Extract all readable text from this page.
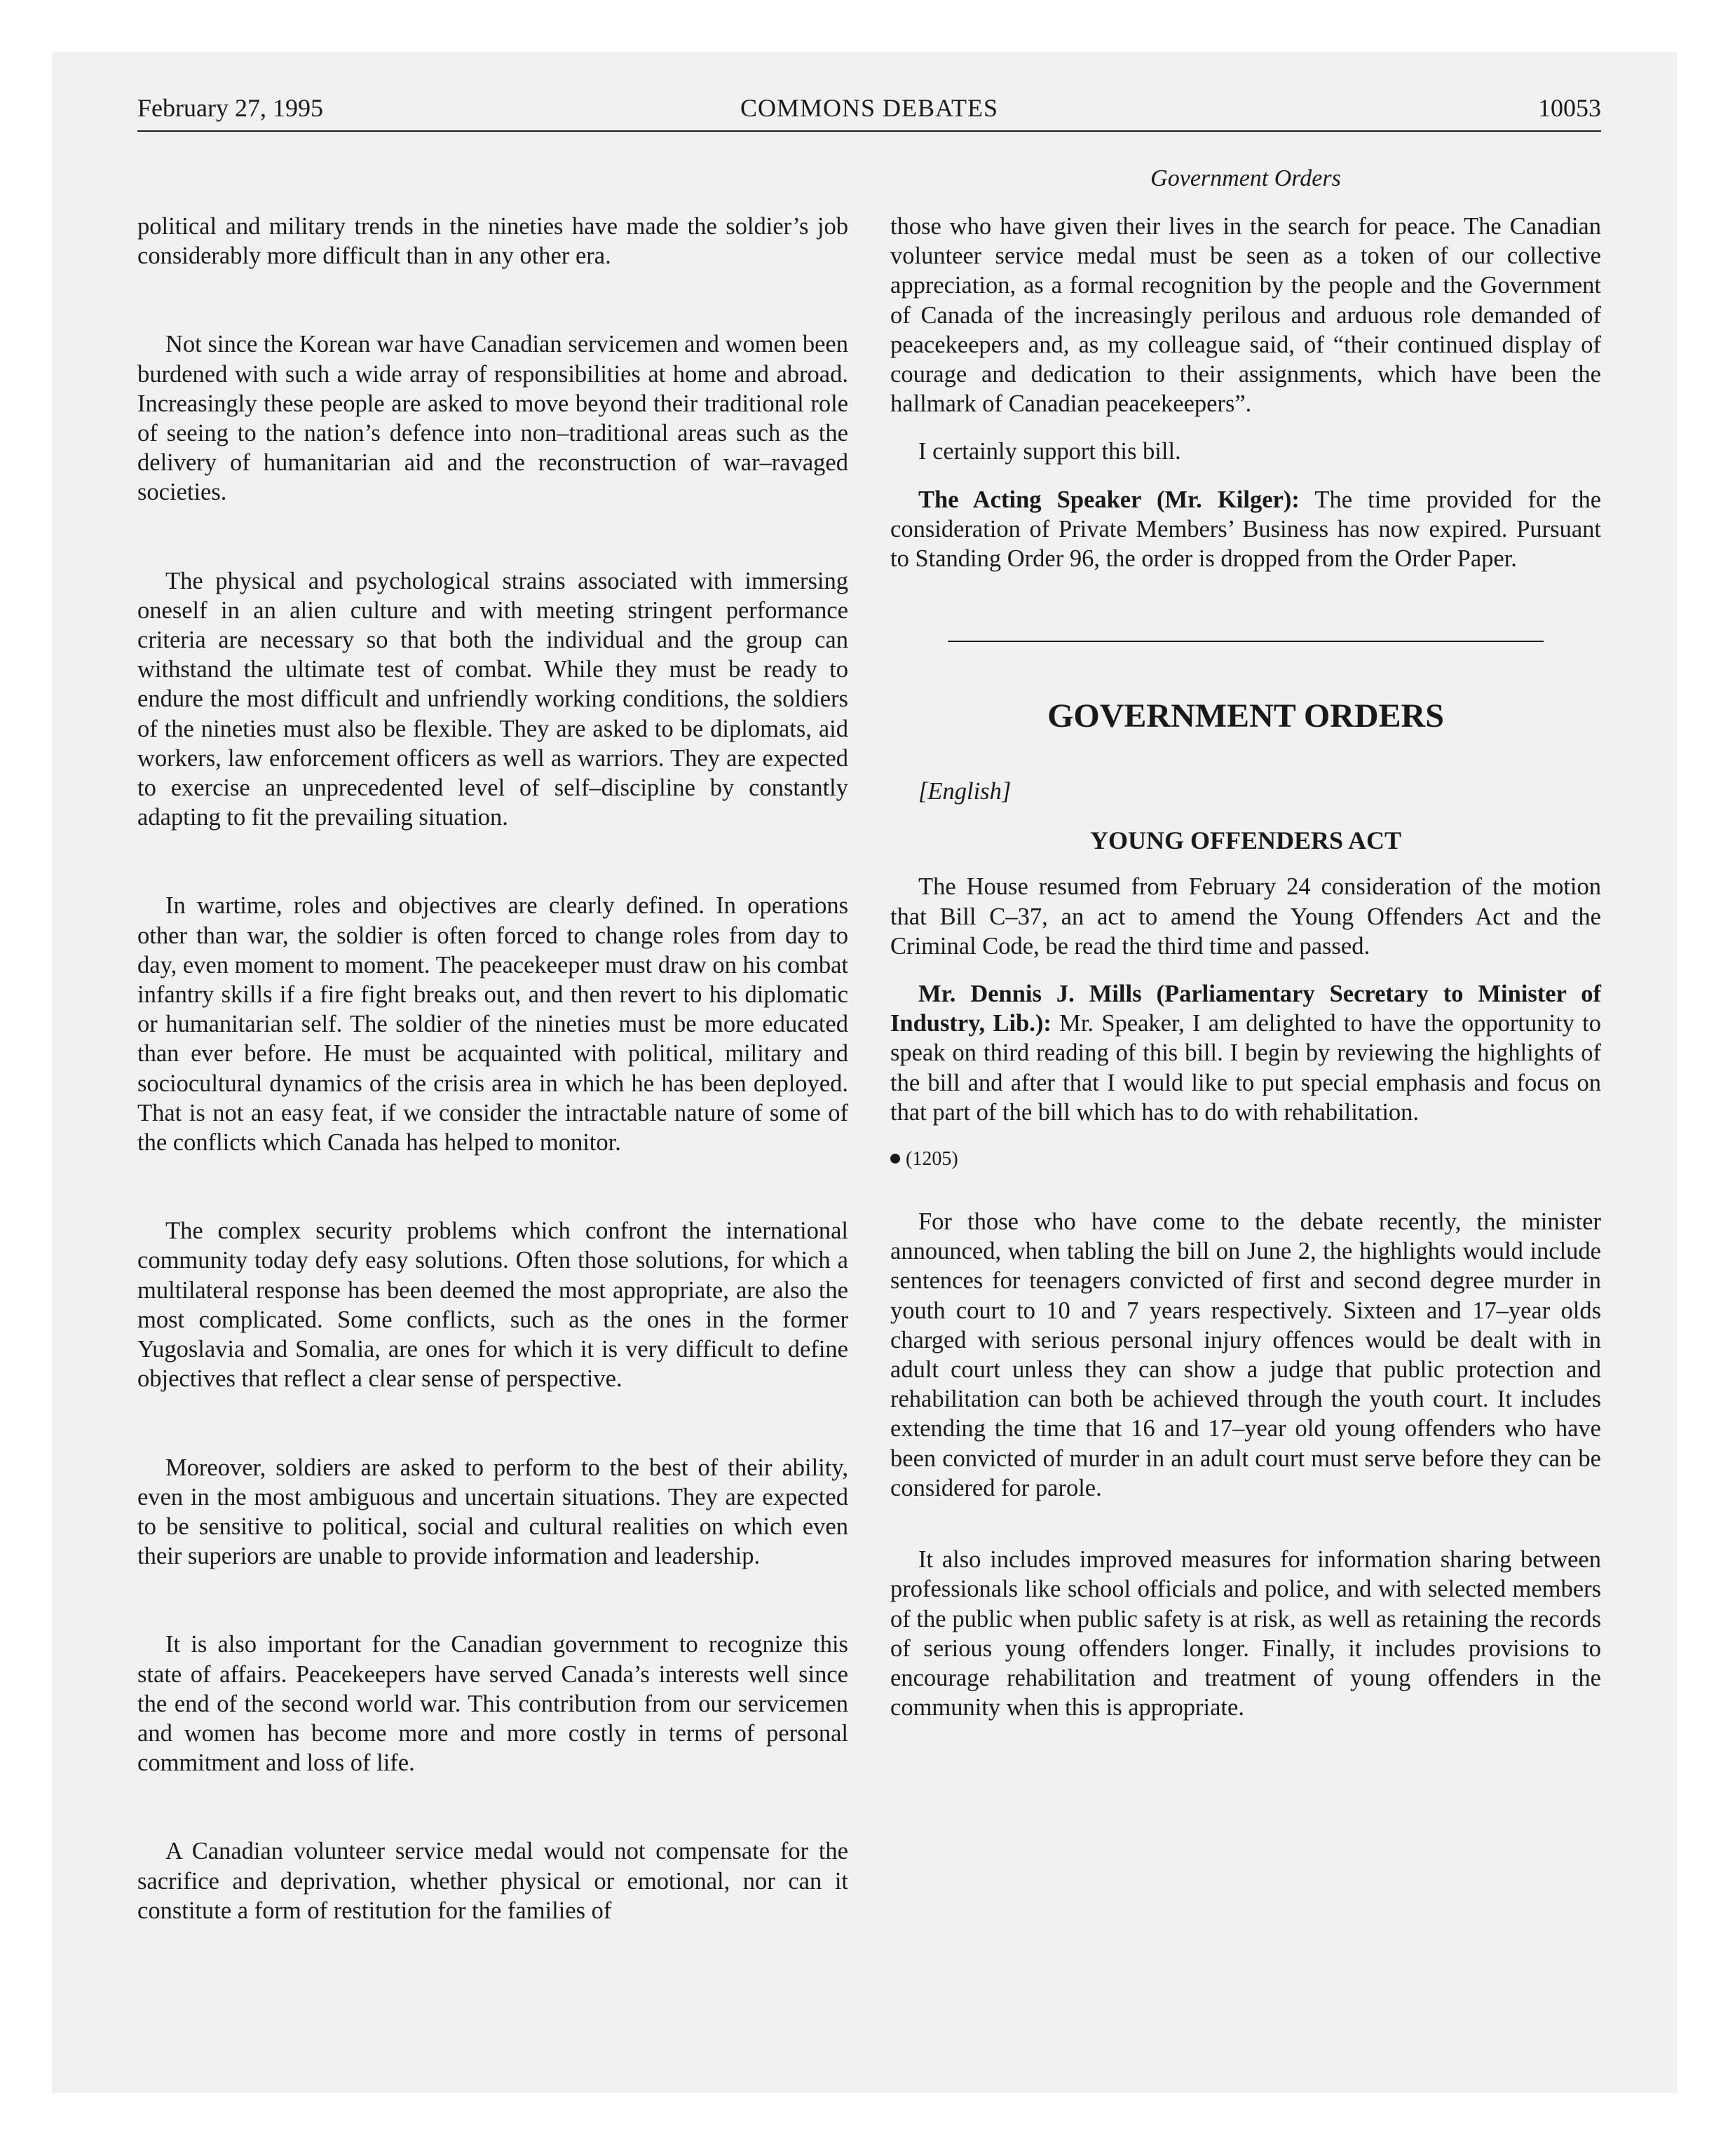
February 27, 1995	COMMONS DEBATES	10053
Government Orders

political and military trends in the nineties have made the soldier’s job considerably more difficult than in any other era.

Not since the Korean war have Canadian servicemen and women been burdened with such a wide array of responsibilities at home and abroad. Increasingly these people are asked to move beyond their traditional role of seeing to the nation’s defence into non–traditional areas such as the delivery of humanitarian aid and the reconstruction of war–ravaged societies.

The physical and psychological strains associated with immersing oneself in an alien culture and with meeting stringent performance criteria are necessary so that both the individual and the group can withstand the ultimate test of combat. While they must be ready to endure the most difficult and unfriendly working conditions, the soldiers of the nineties must also be flexible. They are asked to be diplomats, aid workers, law enforcement officers as well as warriors. They are expected to exercise an unprecedented level of self–discipline by constantly adapting to fit the prevailing situation.

In wartime, roles and objectives are clearly defined. In operations other than war, the soldier is often forced to change roles from day to day, even moment to moment. The peacekeeper must draw on his combat infantry skills if a fire fight breaks out, and then revert to his diplomatic or humanitarian self. The soldier of the nineties must be more educated than ever before. He must be acquainted with political, military and sociocultural dynamics of the crisis area in which he has been deployed. That is not an easy feat, if we consider the intractable nature of some of the conflicts which Canada has helped to monitor.

The complex security problems which confront the international community today defy easy solutions. Often those solutions, for which a multilateral response has been deemed the most appropriate, are also the most complicated. Some conflicts, such as the ones in the former Yugoslavia and Somalia, are ones for which it is very difficult to define objectives that reflect a clear sense of perspective.

Moreover, soldiers are asked to perform to the best of their ability, even in the most ambiguous and uncertain situations. They are expected to be sensitive to political, social and cultural realities on which even their superiors are unable to provide information and leadership.

It is also important for the Canadian government to recognize this state of affairs. Peacekeepers have served Canada’s interests well since the end of the second world war. This contribution from our servicemen and women has become more and more costly in terms of personal commitment and loss of life.

A Canadian volunteer service medal would not compensate for the sacrifice and deprivation, whether physical or emotional, nor can it constitute a form of restitution for the families of

those who have given their lives in the search for peace. The Canadian volunteer service medal must be seen as a token of our collective appreciation, as a formal recognition by the people and the Government of Canada of the increasingly perilous and arduous role demanded of peacekeepers and, as my colleague said, of “their continued display of courage and dedication to their assignments, which have been the hallmark of Canadian peacekeepers”.

I certainly support this bill.

The Acting Speaker (Mr. Kilger): The time provided for the consideration of Private Members’ Business has now expired. Pursuant to Standing Order 96, the order is dropped from the Order Paper.

GOVERNMENT ORDERS

[English]

YOUNG OFFENDERS ACT

The House resumed from February 24 consideration of the motion that Bill C–37, an act to amend the Young Offenders Act and the Criminal Code, be read the third time and passed.

Mr. Dennis J. Mills (Parliamentary Secretary to Minister of Industry, Lib.): Mr. Speaker, I am delighted to have the opportunity to speak on third reading of this bill. I begin by reviewing the highlights of the bill and after that I would like to put special emphasis and focus on that part of the bill which has to do with rehabilitation.

(1205)

For those who have come to the debate recently, the minister announced, when tabling the bill on June 2, the highlights would include sentences for teenagers convicted of first and second degree murder in youth court to 10 and 7 years respectively. Sixteen and 17–year olds charged with serious personal injury offences would be dealt with in adult court unless they can show a judge that public protection and rehabilitation can both be achieved through the youth court. It includes extending the time that 16 and 17–year old young offenders who have been convicted of murder in an adult court must serve before they can be considered for parole.

It also includes improved measures for information sharing between professionals like school officials and police, and with selected members of the public when public safety is at risk, as well as retaining the records of serious young offenders longer. Finally, it includes provisions to encourage rehabilitation and treatment of young offenders in the community when this is appropriate.
